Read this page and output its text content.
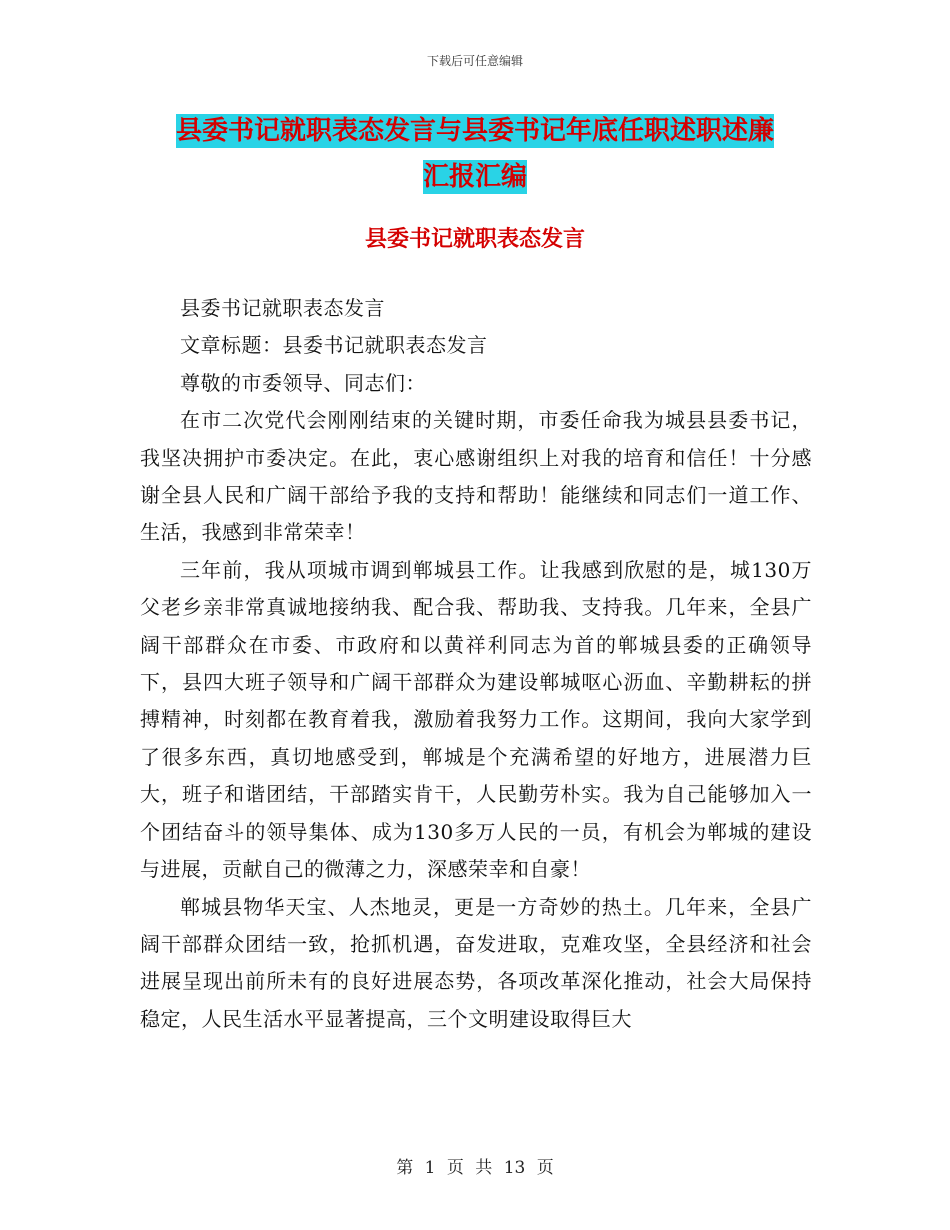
下载后可任意编辑
县委书记就职表态发言与县委书记年底任职述职述廉
汇报汇编
县委书记就职表态发言

县委书记就职表态发言

文章标题：县委书记就职表态发言

尊敬的市委领导、同志们：

在市二次党代会刚刚结束的关键时期，市委任命我为城县县委书记，我坚决拥护市委决定。在此，衷心感谢组织上对我的培育和信任！十分感谢全县人民和广阔干部给予我的支持和帮助！能继续和同志们一道工作、生活，我感到非常荣幸！

三年前，我从项城市调到郸城县工作。让我感到欣慰的是，城130万父老乡亲非常真诚地接纳我、配合我、帮助我、支持我。几年来，全县广阔干部群众在市委、市政府和以黄祥利同志为首的郸城县委的正确领导下，县四大班子领导和广阔干部群众为建设郸城呕心沥血、辛勤耕耘的拼搏精神，时刻都在教育着我，激励着我努力工作。这期间，我向大家学到了很多东西，真切地感受到，郸城是个充满希望的好地方，进展潜力巨大，班子和谐团结，干部踏实肯干，人民勤劳朴实。我为自己能够加入一个团结奋斗的领导集体、成为130多万人民的一员，有机会为郸城的建设与进展，贡献自己的微薄之力，深感荣幸和自豪！

郸城县物华天宝、人杰地灵，更是一方奇妙的热土。几年来，全县广阔干部群众团结一致，抢抓机遇，奋发进取，克难攻坚，全县经济和社会进展呈现出前所未有的良好进展态势，各项改革深化推动，社会大局保持稳定，人民生活水平显著提高，三个文明建设取得巨大

第 1 页 共 13 页
